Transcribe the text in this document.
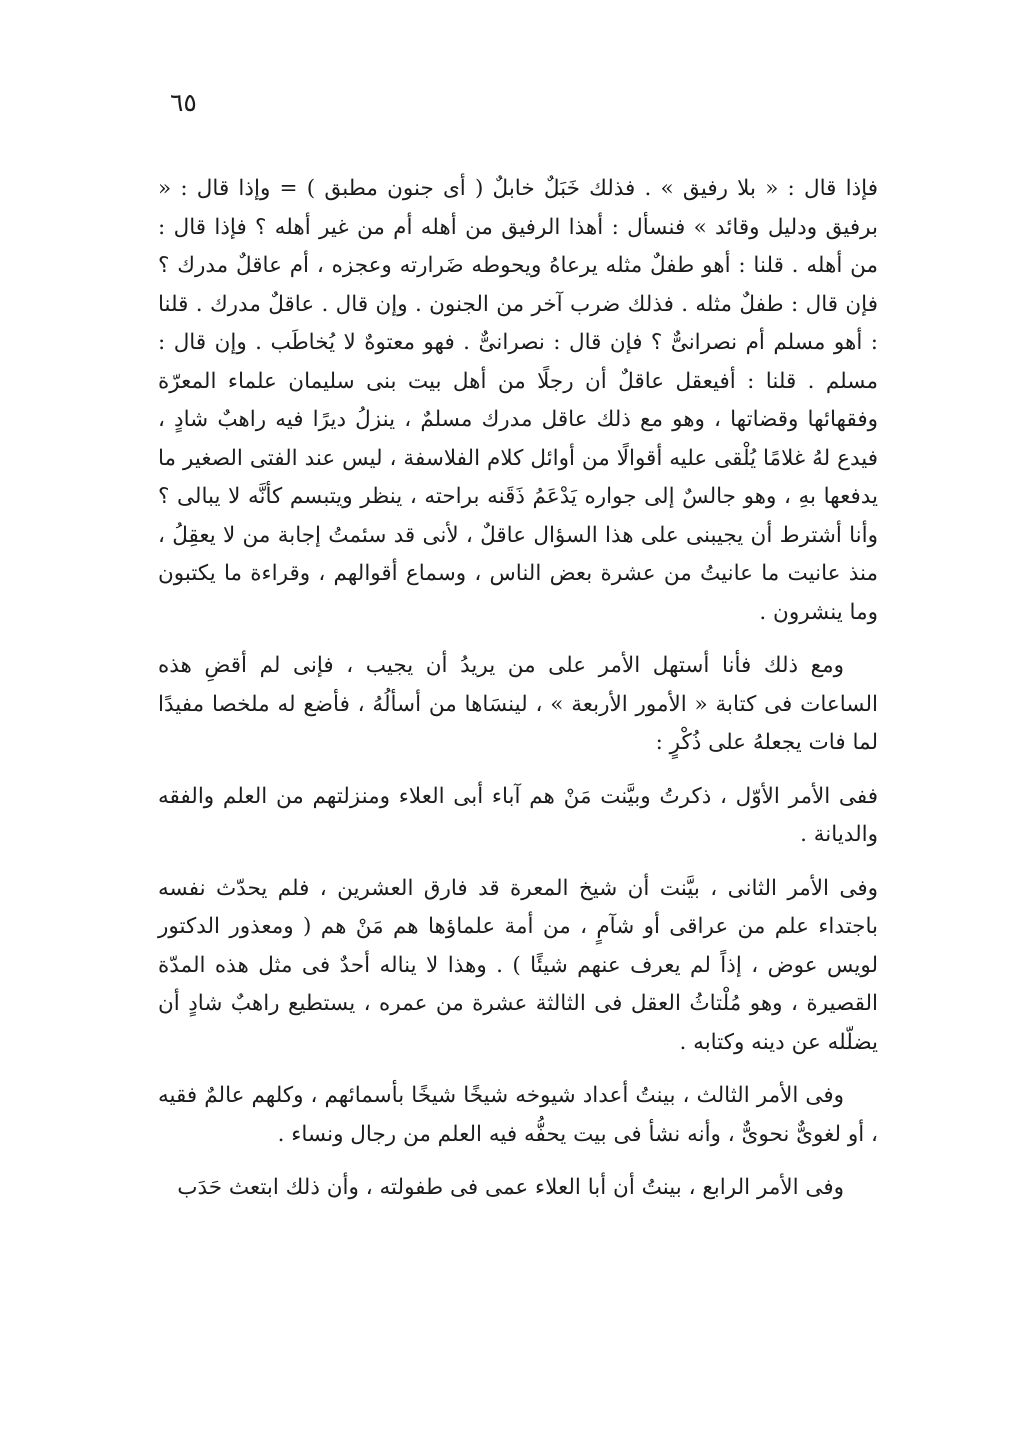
٦٥

فإذا قال : « بلا رفيق » . فذلك خَبَلٌ خابلٌ ( أى جنون مطبق ) = وإذا قال : « برفيق ودليل وقائد » فنسأل : أهذا الرفيق من أهله أم من غير أهله ؟ فإذا قال : من أهله . قلنا : أهو طفلٌ مثله يرعاهُ ويحوطه ضَرارته وعجزه ، أم عاقلٌ مدرك ؟ فإن قال : طفلٌ مثله . فذلك ضرب آخر من الجنون . وإن قال . عاقلٌ مدرك . قلنا : أهو مسلم أم نصرانىٌّ ؟ فإن قال : نصرانىٌّ . فهو معتوهٌ لا يُخاطَب . وإن قال : مسلم . قلنا : أفيعقل عاقلٌ أن رجلًا من أهل بيت بنى سليمان علماء المعرّة وفقهائها وقضاتها ، وهو مع ذلك عاقل مدرك مسلمٌ ، ينزلُ ديرًا فيه راهبٌ شادٍ ، فيدع لهُ غلامًا يُلْقى عليه أقوالًا من أوائل كلام الفلاسفة ، ليس عند الفتى الصغير ما يدفعها بهِ ، وهو جالسٌ إلى جواره يَدْعَمُ ذَقَنه براحته ، ينظر ويتبسم كأنَّه لا يبالى ؟ وأنا أشترط أن يجيبنى على هذا السؤال عاقلٌ ، لأنى قد سئمتُ إجابة من لا يعقِلُ ، منذ عانيت ما عانيتُ من عشرة بعض الناس ، وسماع أقوالهم ، وقراءة ما يكتبون وما ينشرون .

ومع ذلك فأنا أستهل الأمر على من يريدُ أن يجيب ، فإنى لم أقضِ هذه الساعات فى كتابة « الأمور الأربعة » ، لينسَاها من أسألُهُ ، فأضع له ملخصا مفيدًا لما فات يجعلهُ على ذُكْرٍ :

ففى الأمر الأوّل ، ذكرتُ وبيَّنت مَنْ هم آباء أبى العلاء ومنزلتهم من العلم والفقه والديانة .

وفى الأمر الثانى ، بيَّنت أن شيخ المعرة قد فارق العشرين ، فلم يحدّث نفسه باجتداء علم من عراقى أو شآمٍ ، من أمة علماؤها هم مَنْ هم ( ومعذور الدكتور لويس عوض ، إذاً لم يعرف عنهم شيئًا ) . وهذا لا يناله أحدٌ فى مثل هذه المدّة القصيرة ، وهو مُلْتاثُ العقل فى الثالثة عشرة من عمره ، يستطيع راهبٌ شادٍ أن يضلّله عن دينه وكتابه .

وفى الأمر الثالث ، بينتُ أعداد شيوخه شيخًا شيخًا بأسمائهم ، وكلهم عالمٌ فقيه ، أو لغوىٌّ نحوىٌّ ، وأنه نشأ فى بيت يحفُّه فيه العلم من رجال ونساء .

وفى الأمر الرابع ، بينتُ أن أبا العلاء عمى فى طفولته ، وأن ذلك ابتعث حَدَب
